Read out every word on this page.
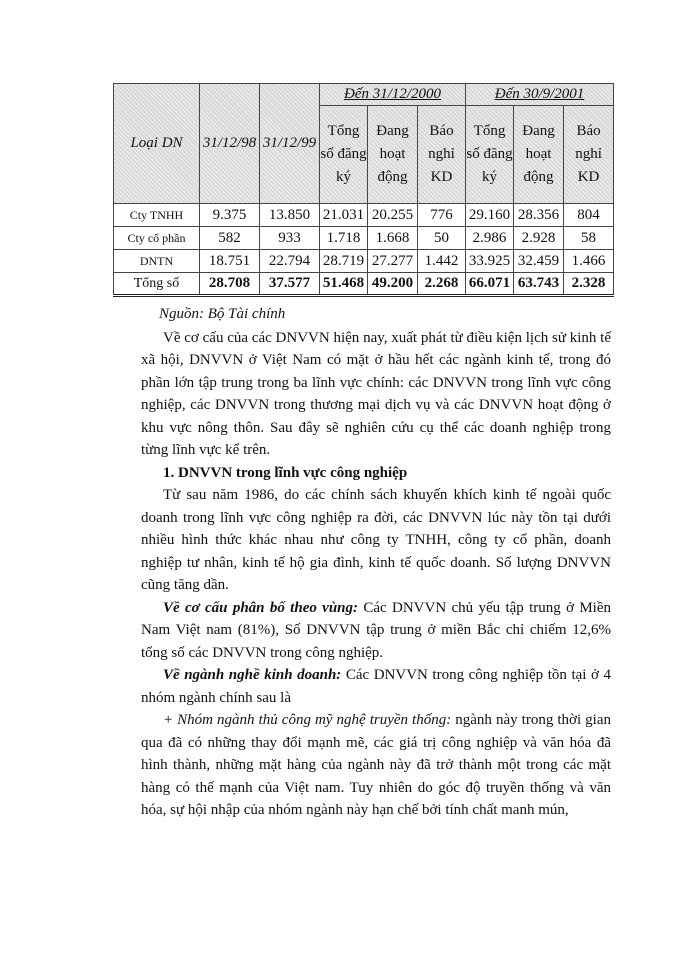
Loại DN	31/12/98	31/12/99	Đến 31/12/2000			Đến 30/9/2001		
			Tổng số đăng ký	Đang hoạt động	Báo nghỉ KD	Tổng số đăng ký	Đang hoạt động	Báo nghỉ KD
Cty TNHH	9.375	13.850	21.031	20.255	776	29.160	28.356	804
Cty cổ phần	582	933	1.718	1.668	50	2.986	2.928	58
DNTN	18.751	22.794	28.719	27.277	1.442	33.925	32.459	1.466
Tổng số	28.708	37.577	51.468	49.200	2.268	66.071	63.743	2.328

Nguồn: Bộ Tài chính

Về cơ cấu của các DNVVN hiện nay, xuất phát từ điều kiện lịch sử kinh tế xã hội, DNVVN ở Việt Nam có mặt ở hầu hết các ngành kinh tế, trong đó phần lớn tập trung trong ba lĩnh vực chính: các DNVVN trong lĩnh vực công nghiệp, các DNVVN trong thương mại dịch vụ và các DNVVN hoạt động ở khu vực nông thôn. Sau đây sẽ nghiên cứu cụ thể các doanh nghiệp trong từng lĩnh vực kể trên.

1. DNVVN trong lĩnh vực công nghiệp

Từ sau năm 1986, do các chính sách khuyến khích kinh tế ngoài quốc doanh trong lĩnh vực công nghiệp ra đời, các DNVVN lúc này tồn tại dưới nhiều hình thức khác nhau như công ty TNHH, công ty cổ phần, doanh nghiệp tư nhân, kinh tế hộ gia đình, kinh tế quốc doanh. Số lượng DNVVN cũng tăng dần.

Về cơ cấu phân bố theo vùng: Các DNVVN chủ yếu tập trung ở Miền Nam Việt nam (81%), Số DNVVN tập trung ở miền Bắc chỉ chiếm 12,6% tổng số các DNVVN trong công nghiệp.

Về ngành nghề kinh doanh: Các DNVVN trong công nghiệp tồn tại ở 4 nhóm ngành chính sau là

+ Nhóm ngành thủ công mỹ nghệ truyền thống: ngành này trong thời gian qua đã có những thay đổi mạnh mẽ, các giá trị công nghiệp và văn hóa đã hình thành, những mặt hàng của ngành này đã trở thành một trong các mặt hàng có thế mạnh của Việt nam. Tuy nhiên do góc độ truyền thống và văn hóa, sự hội nhập của nhóm ngành này hạn chế bởi tính chất manh mún,
